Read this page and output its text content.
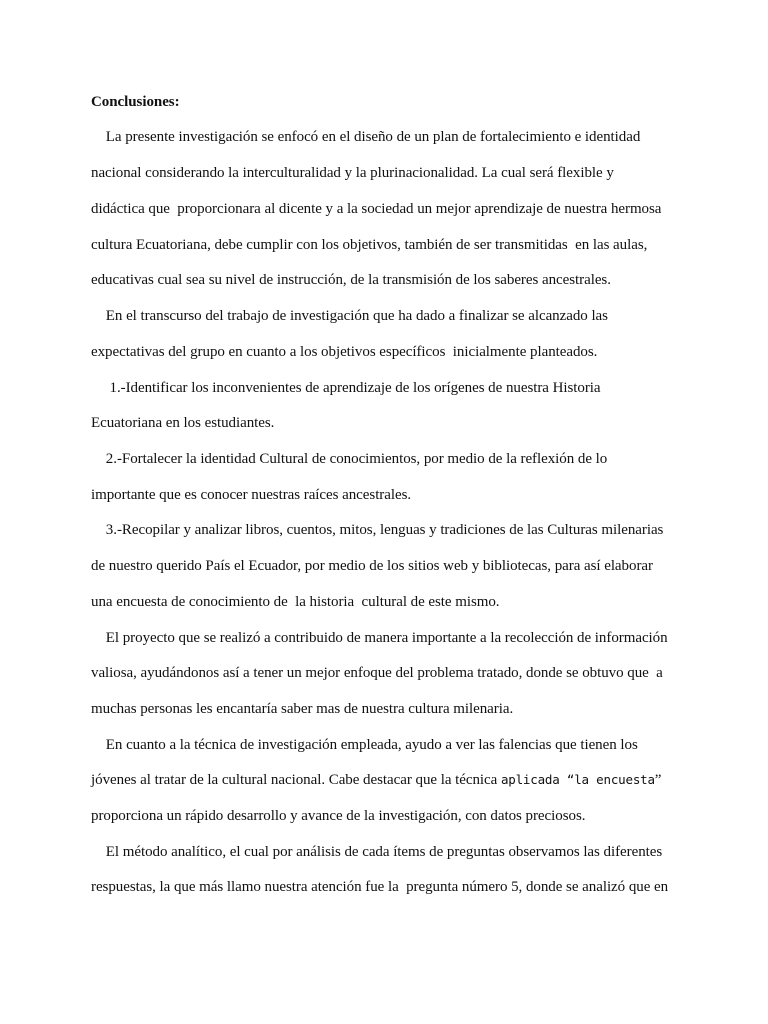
Conclusiones:
La presente investigación se enfocó en el diseño de un plan de fortalecimiento e identidad
nacional considerando la interculturalidad y la plurinacionalidad. La cual será flexible y
didáctica que  proporcionara al dicente y a la sociedad un mejor aprendizaje de nuestra hermosa
cultura Ecuatoriana, debe cumplir con los objetivos, también de ser transmitidas  en las aulas,
educativas cual sea su nivel de instrucción, de la transmisión de los saberes ancestrales.
En el transcurso del trabajo de investigación que ha dado a finalizar se alcanzado las
expectativas del grupo en cuanto a los objetivos específicos  inicialmente planteados.
1.-Identificar los inconvenientes de aprendizaje de los orígenes de nuestra Historia
Ecuatoriana en los estudiantes.
2.-Fortalecer la identidad Cultural de conocimientos, por medio de la reflexión de lo
importante que es conocer nuestras raíces ancestrales.
3.-Recopilar y analizar libros, cuentos, mitos, lenguas y tradiciones de las Culturas milenarias
de nuestro querido País el Ecuador, por medio de los sitios web y bibliotecas, para así elaborar
una encuesta de conocimiento de  la historia  cultural de este mismo.
El proyecto que se realizó a contribuido de manera importante a la recolección de información
valiosa, ayudándonos así a tener un mejor enfoque del problema tratado, donde se obtuvo que  a
muchas personas les encantaría saber mas de nuestra cultura milenaria.
En cuanto a la técnica de investigación empleada, ayudo a ver las falencias que tienen los
jóvenes al tratar de la cultural nacional. Cabe destacar que la técnica aplicada “la encuesta”
proporciona un rápido desarrollo y avance de la investigación, con datos preciosos.
El método analítico, el cual por análisis de cada ítems de preguntas observamos las diferentes
respuestas, la que más llamo nuestra atención fue la  pregunta número 5, donde se analizó que en
